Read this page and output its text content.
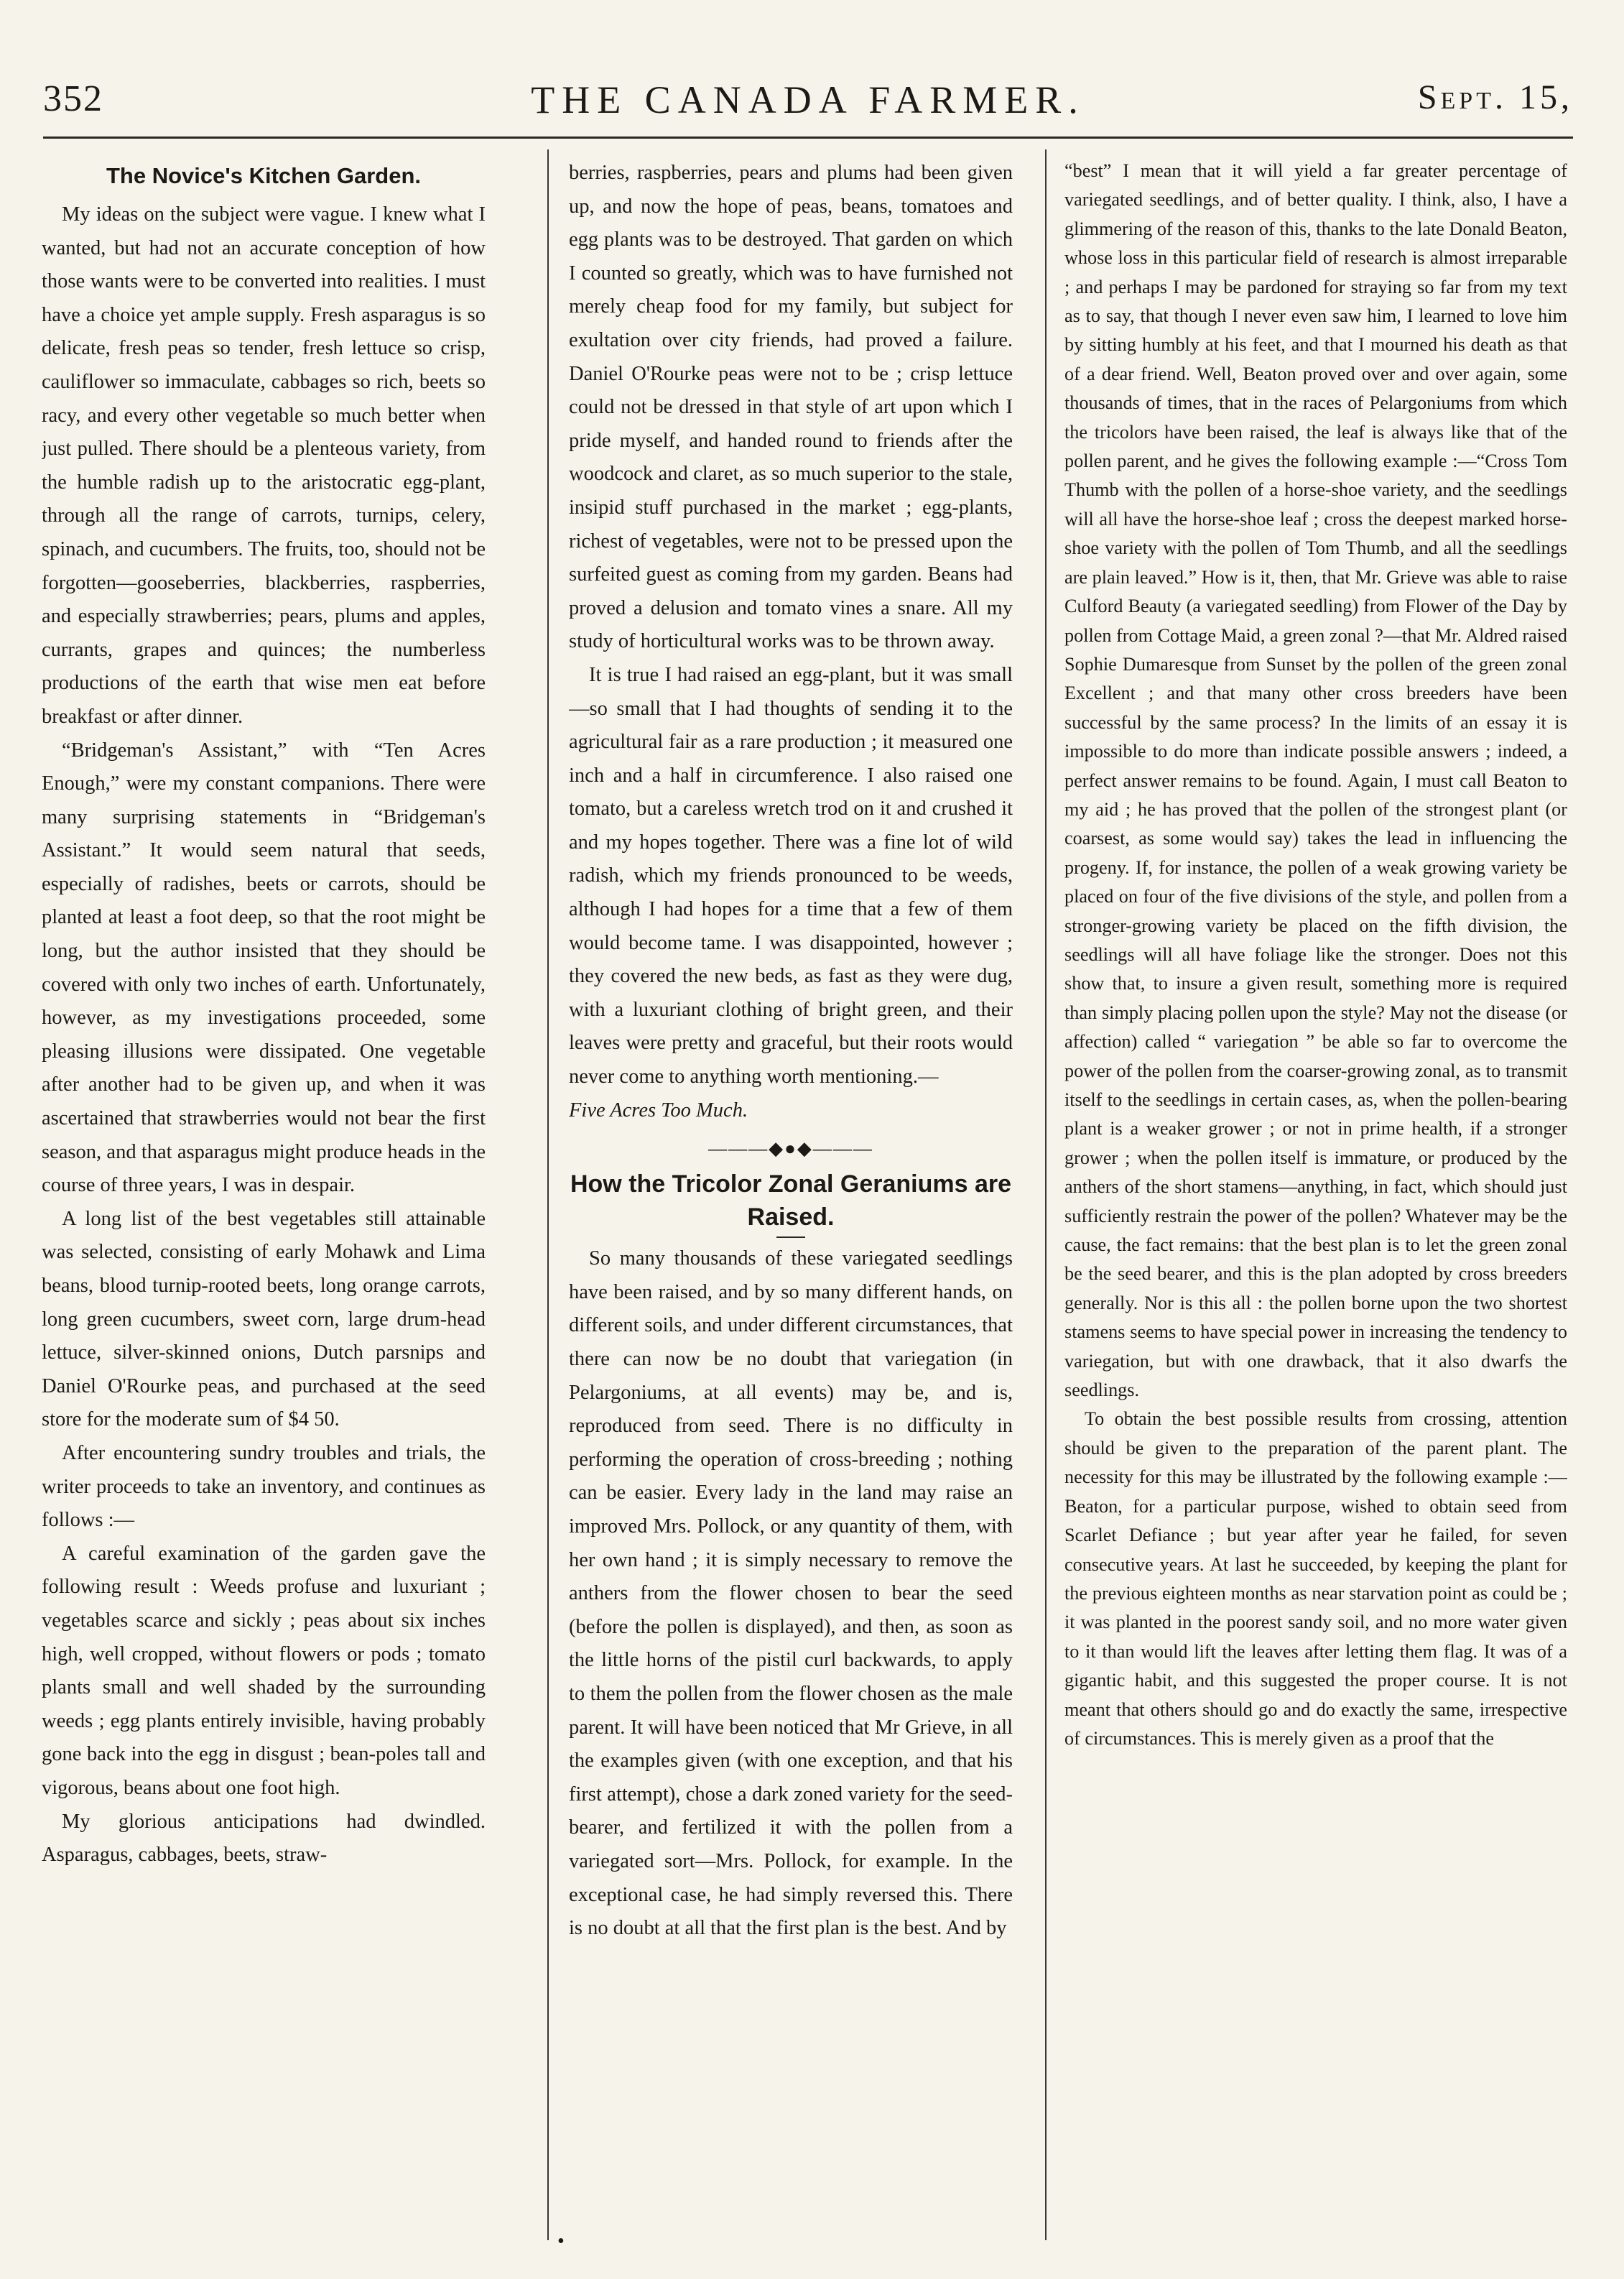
352	THE CANADA FARMER.	Sept. 15,
The Novice's Kitchen Garden.

My ideas on the subject were vague. I knew what I wanted, but had not an accurate conception of how those wants were to be converted into realities. I must have a choice yet ample supply. Fresh asparagus is so delicate, fresh peas so tender, fresh lettuce so crisp, cauliflower so immaculate, cabbages so rich, beets so racy, and every other vegetable so much better when just pulled. There should be a plenteous variety, from the humble radish up to the aristocratic egg-plant, through all the range of carrots, turnips, celery, spinach, and cucumbers. The fruits, too, should not be forgotten—gooseberries, blackberries, raspberries, and especially strawberries; pears, plums and apples, currants, grapes and quinces; the numberless productions of the earth that wise men eat before breakfast or after dinner.

“Bridgeman's Assistant,” with “Ten Acres Enough,” were my constant companions. There were many surprising statements in “Bridgeman's Assistant.” It would seem natural that seeds, especially of radishes, beets or carrots, should be planted at least a foot deep, so that the root might be long, but the author insisted that they should be covered with only two inches of earth. Unfortunately, however, as my investigations proceeded, some pleasing illusions were dissipated. One vegetable after another had to be given up, and when it was ascertained that strawberries would not bear the first season, and that asparagus might produce heads in the course of three years, I was in despair.

A long list of the best vegetables still attainable was selected, consisting of early Mohawk and Lima beans, blood turnip-rooted beets, long orange carrots, long green cucumbers, sweet corn, large drum-head lettuce, silver-skinned onions, Dutch parsnips and Daniel O'Rourke peas, and purchased at the seed store for the moderate sum of $4 50.

After encountering sundry troubles and trials, the writer proceeds to take an inventory, and continues as follows :—

A careful examination of the garden gave the following result : Weeds profuse and luxuriant ; vegetables scarce and sickly ; peas about six inches high, well cropped, without flowers or pods ; tomato plants small and well shaded by the surrounding weeds ; egg plants entirely invisible, having probably gone back into the egg in disgust ; bean-poles tall and vigorous, beans about one foot high.

My glorious anticipations had dwindled. Asparagus, cabbages, beets, straw-

berries, raspberries, pears and plums had been given up, and now the hope of peas, beans, tomatoes and egg plants was to be destroyed. That garden on which I counted so greatly, which was to have furnished not merely cheap food for my family, but subject for exultation over city friends, had proved a failure. Daniel O'Rourke peas were not to be ; crisp lettuce could not be dressed in that style of art upon which I pride myself, and handed round to friends after the woodcock and claret, as so much superior to the stale, insipid stuff purchased in the market ; egg-plants, richest of vegetables, were not to be pressed upon the surfeited guest as coming from my garden. Beans had proved a delusion and tomato vines a snare. All my study of horticultural works was to be thrown away.

It is true I had raised an egg-plant, but it was small—so small that I had thoughts of sending it to the agricultural fair as a rare production ; it measured one inch and a half in circumference. I also raised one tomato, but a careless wretch trod on it and crushed it and my hopes together. There was a fine lot of wild radish, which my friends pronounced to be weeds, although I had hopes for a time that a few of them would become tame. I was disappointed, however ; they covered the new beds, as fast as they were dug, with a luxuriant clothing of bright green, and their leaves were pretty and graceful, but their roots would never come to anything worth mentioning.—

Five Acres Too Much.

———◆●◆———
How the Tricolor Zonal Geraniums are Raised.

So many thousands of these variegated seedlings have been raised, and by so many different hands, on different soils, and under different circumstances, that there can now be no doubt that variegation (in Pelargoniums, at all events) may be, and is, reproduced from seed. There is no difficulty in performing the operation of cross-breeding ; nothing can be easier. Every lady in the land may raise an improved Mrs. Pollock, or any quantity of them, with her own hand ; it is simply necessary to remove the anthers from the flower chosen to bear the seed (before the pollen is displayed), and then, as soon as the little horns of the pistil curl backwards, to apply to them the pollen from the flower chosen as the male parent. It will have been noticed that Mr Grieve, in all the examples given (with one exception, and that his first attempt), chose a dark zoned variety for the seed-bearer, and fertilized it with the pollen from a variegated sort—Mrs. Pollock, for example. In the exceptional case, he had simply reversed this. There is no doubt at all that the first plan is the best. And by

“best” I mean that it will yield a far greater percentage of variegated seedlings, and of better quality. I think, also, I have a glimmering of the reason of this, thanks to the late Donald Beaton, whose loss in this particular field of research is almost irreparable ; and perhaps I may be pardoned for straying so far from my text as to say, that though I never even saw him, I learned to love him by sitting humbly at his feet, and that I mourned his death as that of a dear friend. Well, Beaton proved over and over again, some thousands of times, that in the races of Pelargoniums from which the tricolors have been raised, the leaf is always like that of the pollen parent, and he gives the following example :—“Cross Tom Thumb with the pollen of a horse-shoe variety, and the seedlings will all have the horse-shoe leaf ; cross the deepest marked horse-shoe variety with the pollen of Tom Thumb, and all the seedlings are plain leaved.” How is it, then, that Mr. Grieve was able to raise Culford Beauty (a variegated seedling) from Flower of the Day by pollen from Cottage Maid, a green zonal ?—that Mr. Aldred raised Sophie Dumaresque from Sunset by the pollen of the green zonal Excellent ; and that many other cross breeders have been successful by the same process? In the limits of an essay it is impossible to do more than indicate possible answers ; indeed, a perfect answer remains to be found. Again, I must call Beaton to my aid ; he has proved that the pollen of the strongest plant (or coarsest, as some would say) takes the lead in influencing the progeny. If, for instance, the pollen of a weak growing variety be placed on four of the five divisions of the style, and pollen from a stronger-growing variety be placed on the fifth division, the seedlings will all have foliage like the stronger. Does not this show that, to insure a given result, something more is required than simply placing pollen upon the style? May not the disease (or affection) called “ variegation ” be able so far to overcome the power of the pollen from the coarser-growing zonal, as to transmit itself to the seedlings in certain cases, as, when the pollen-bearing plant is a weaker grower ; or not in prime health, if a stronger grower ; when the pollen itself is immature, or produced by the anthers of the short stamens—anything, in fact, which should just sufficiently restrain the power of the pollen? Whatever may be the cause, the fact remains: that the best plan is to let the green zonal be the seed bearer, and this is the plan adopted by cross breeders generally. Nor is this all : the pollen borne upon the two shortest stamens seems to have special power in increasing the tendency to variegation, but with one drawback, that it also dwarfs the seedlings.

To obtain the best possible results from crossing, attention should be given to the preparation of the parent plant. The necessity for this may be illustrated by the following example :—Beaton, for a particular purpose, wished to obtain seed from Scarlet Defiance ; but year after year he failed, for seven consecutive years. At last he succeeded, by keeping the plant for the previous eighteen months as near starvation point as could be ; it was planted in the poorest sandy soil, and no more water given to it than would lift the leaves after letting them flag. It was of a gigantic habit, and this suggested the proper course. It is not meant that others should go and do exactly the same, irrespective of circumstances. This is merely given as a proof that the

•
